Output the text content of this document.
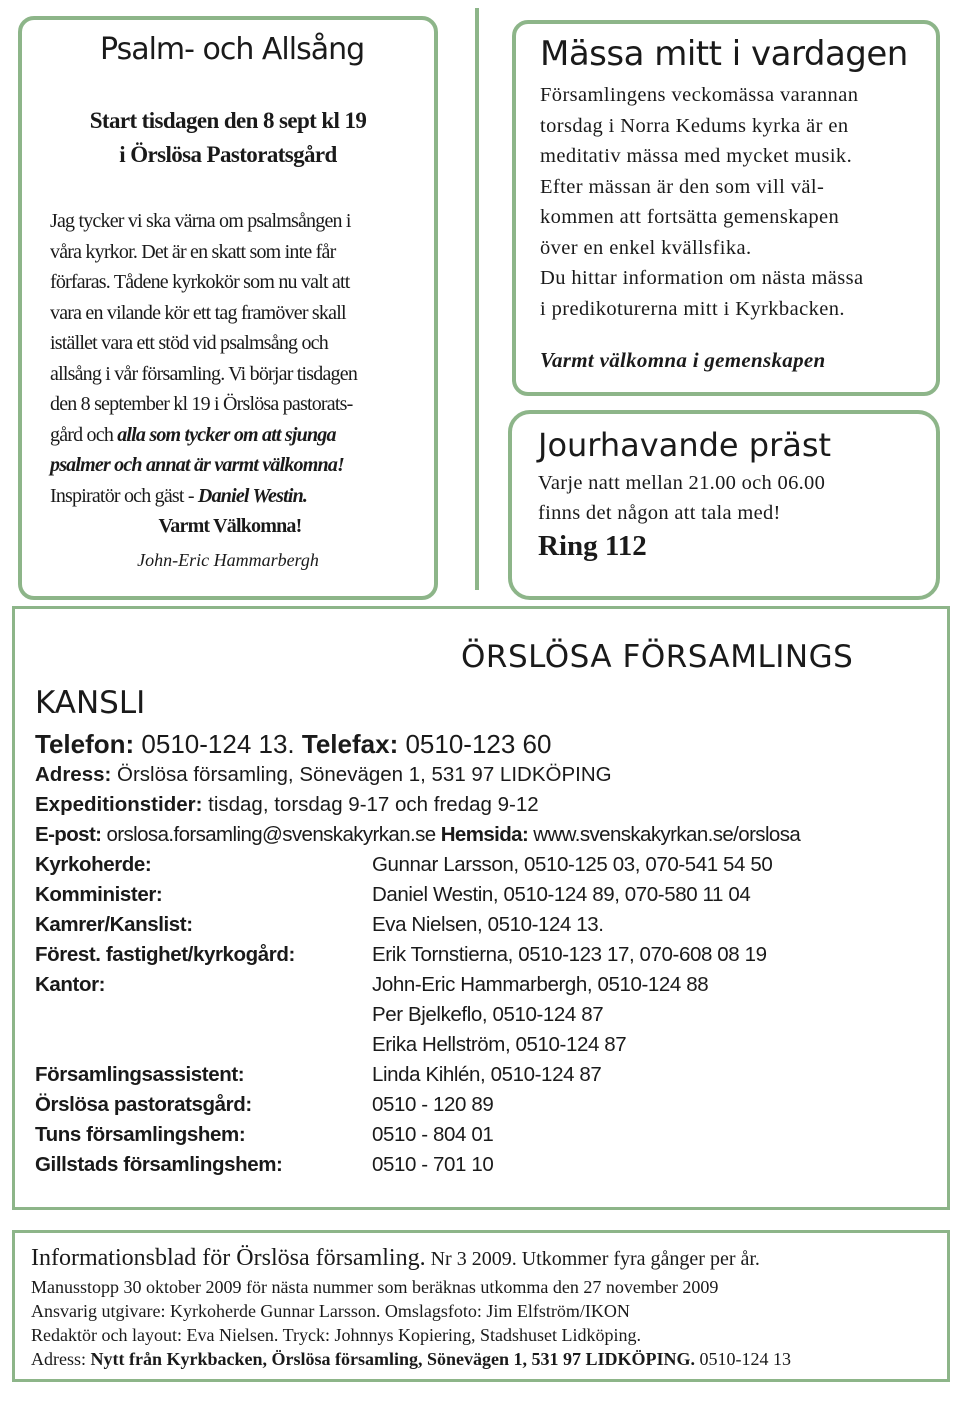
Psalm- och Allsång
Start tisdagen den 8 sept kl 19
i Örslösa Pastoratsgård

Jag tycker vi ska värna om psalmsången i

våra kyrkor. Det är en skatt som inte får

förfaras. Tådene kyrkokör som nu valt att

vara en vilande kör ett tag framöver skall

istället vara ett stöd vid psalmsång och

allsång i vår församling. Vi börjar tisdagen

den 8 september kl 19 i Örslösa pastorats-

gård och alla som tycker om att sjunga

psalmer och annat är varmt välkomna!

Inspiratör och gäst - Daniel Westin.

Varmt Välkomna!

John-Eric Hammarbergh
Mässa mitt i vardagen

Församlingens veckomässa varannan

torsdag i Norra Kedums kyrka är en

meditativ mässa med mycket musik.

Efter mässan är den som vill väl-

kommen att fortsätta gemenskapen

över en enkel kvällsfika.

Du hittar information om nästa mässa

i predikoturerna mitt i Kyrkbacken.

Varmt välkomna i gemenskapen
Jourhavande präst
Varje natt mellan 21.00 och 06.00
finns det någon att tala med!
Ring 112
ÖRSLÖSA FÖRSAMLINGS
KANSLI
Telefon: 0510-124 13. Telefax: 0510-123 60
Adress: Örslösa församling, Sönevägen 1, 531 97 LIDKÖPING
Expeditionstider: tisdag, torsdag 9-17 och fredag 9-12
E-post: orslosa.forsamling@svenskakyrkan.se Hemsida: www.svenskakyrkan.se/orslosa
Kyrkoherde:	Gunnar Larsson, 0510-125 03, 070-541 54 50
Komminister:	Daniel Westin, 0510-124 89, 070-580 11 04
Kamrer/Kanslist:	Eva Nielsen, 0510-124 13.
Förest. fastighet/kyrkogård:	Erik Tornstierna, 0510-123 17, 070-608 08 19
Kantor:	John-Eric Hammarbergh, 0510-124 88
Per Bjelkeflo, 0510-124 87
Erika Hellström, 0510-124 87
Församlingsassistent:	Linda Kihlén, 0510-124 87
Örslösa pastoratsgård:	0510 - 120 89
Tuns församlingshem:	0510 - 804 01
Gillstads församlingshem:	0510 - 701 10
Informationsblad för Örslösa församling. Nr 3 2009. Utkommer fyra gånger per år.
Manusstopp 30 oktober 2009 för nästa nummer som beräknas utkomma den 27 november 2009
Ansvarig utgivare: Kyrkoherde Gunnar Larsson. Omslagsfoto: Jim Elfström/IKON
Redaktör och layout: Eva Nielsen. Tryck: Johnnys Kopiering, Stadshuset Lidköping.
Adress: Nytt från Kyrkbacken, Örslösa församling, Sönevägen 1, 531 97 LIDKÖPING. 0510-124 13
